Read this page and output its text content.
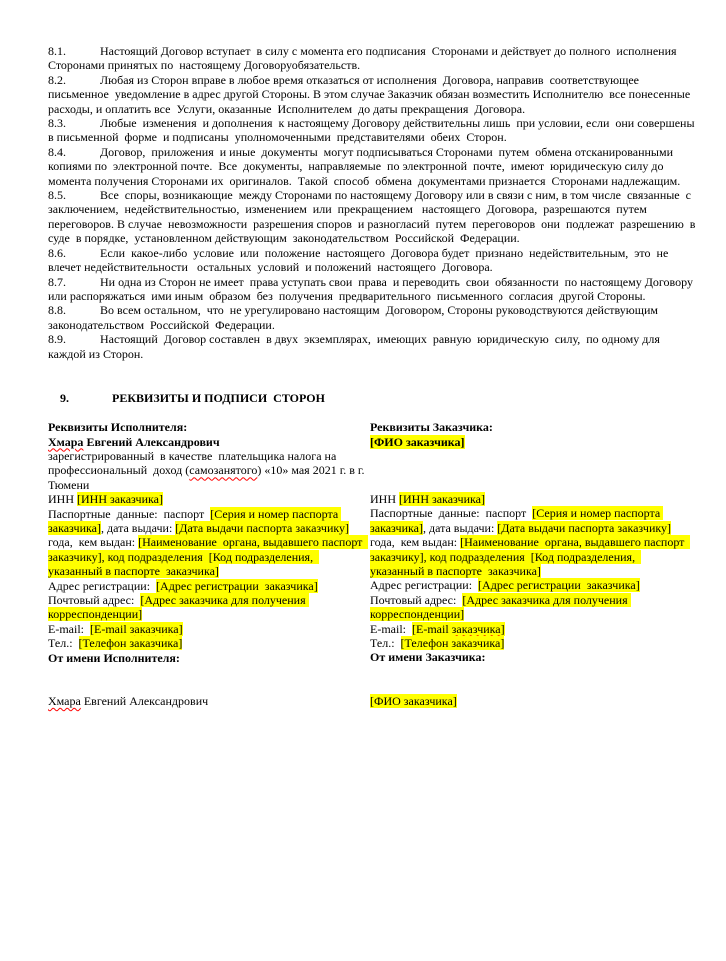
8.1.	Настоящий Договор вступает  в силу с момента его подписания  Сторонами и действует до полного  исполнения Сторонами принятых по  настоящему Договоруобязательств.
8.2.	Любая из Сторон вправе в любое время отказаться от исполнения  Договора, направив  соответствующее письменное  уведомление в адрес другой Стороны. В этом случае Заказчик обязан возместить Исполнителю  все понесенные расходы, и оплатить все  Услуги, оказанные  Исполнителем  до даты прекращения  Договора.
8.3.	Любые  изменения  и дополнения  к настоящему Договору действительны лишь  при условии, если  они совершены  в письменной  форме  и подписаны  уполномоченными  представителями  обеих  Сторон.
8.4.	Договор,  приложения  и иные  документы  могут подписываться Сторонами  путем  обмена отсканированными копиями по  электронной почте.  Все  документы,  направляемые  по электронной  почте,  имеют  юридическую силу до момента получения Сторонами их  оригиналов.  Такой  способ  обмена  документами признается  Сторонами надлежащим.
8.5.	Все  споры, возникающие  между Сторонами по настоящему Договору или в связи с ним, в том числе  связанные  с заключением,  недействительностью,  изменением  или  прекращением   настоящего  Договора,  разрешаются  путем переговоров. В случае  невозможности  разрешения споров  и разногласий  путем  переговоров  они  подлежат  разрешению  в суде  в порядке,  установленном действующим  законодательством  Российской  Федерации.
8.6.	Если  какое-либо  условие  или  положение  настоящего  Договора будет  признано  недействительным,  это  не влечет недействительности   остальных  условий  и положений  настоящего  Договора.
8.7.	Ни одна из Сторон не имеет  права уступать свои  права  и переводить  свои  обязанности  по настоящему Договору или распоряжаться  ими иным  образом  без  получения  предварительного  письменного  согласия  другой Стороны.
8.8.	Во всем остальном,  что  не урегулировано настоящим  Договором, Стороны руководствуются действующим законодательством  Российской  Федерации.
8.9.	Настоящий  Договор составлен  в двух  экземплярах,  имеющих  равную  юридическую  силу,  по одному для  каждой из Сторон.

9.	РЕКВИЗИТЫ И ПОДПИСИ  СТОРОН

Реквизиты Исполнителя:

Хмара Евгений Александрович

зарегистрированный  в качестве  плательщика налога на профессиональный  доход (самозанятого) «10» мая 2021 г. в г. Тюмени

ИНН [ИНН заказчика]

Паспортные  данные:  паспорт  [Серия и номер паспорта заказчика], дата выдачи: [Дата выдачи паспорта заказчику] года,  кем выдан: [Наименование  органа, выдавшего паспорт  заказчику], код подразделения  [Код подразделения,  указанный в паспорте  заказчика]

Адрес регистрации:  [Адрес регистрации  заказчика]

Почтовый адрес:  [Адрес заказчика для получения корреспонденции]

E-mail:  [E-mail заказчика]

Тел.:  [Телефон заказчика]

От имени Исполнителя:

Хмара Евгений Александрович

Реквизиты Заказчика:

[ФИО заказчика]

ИНН [ИНН заказчика]

Паспортные  данные:  паспорт  [Серия и номер паспорта заказчика], дата выдачи: [Дата выдачи паспорта заказчику] года,  кем выдан: [Наименование  органа, выдавшего паспорт  заказчику], код подразделения  [Код подразделения,  указанный в паспорте  заказчика]

Адрес регистрации:  [Адрес регистрации  заказчика]

Почтовый адрес:  [Адрес заказчика для получения корреспонденции]

E-mail:  [E-mail заказчика]

Тел.:  [Телефон заказчика]

От имени Заказчика:

[ФИО заказчика]
